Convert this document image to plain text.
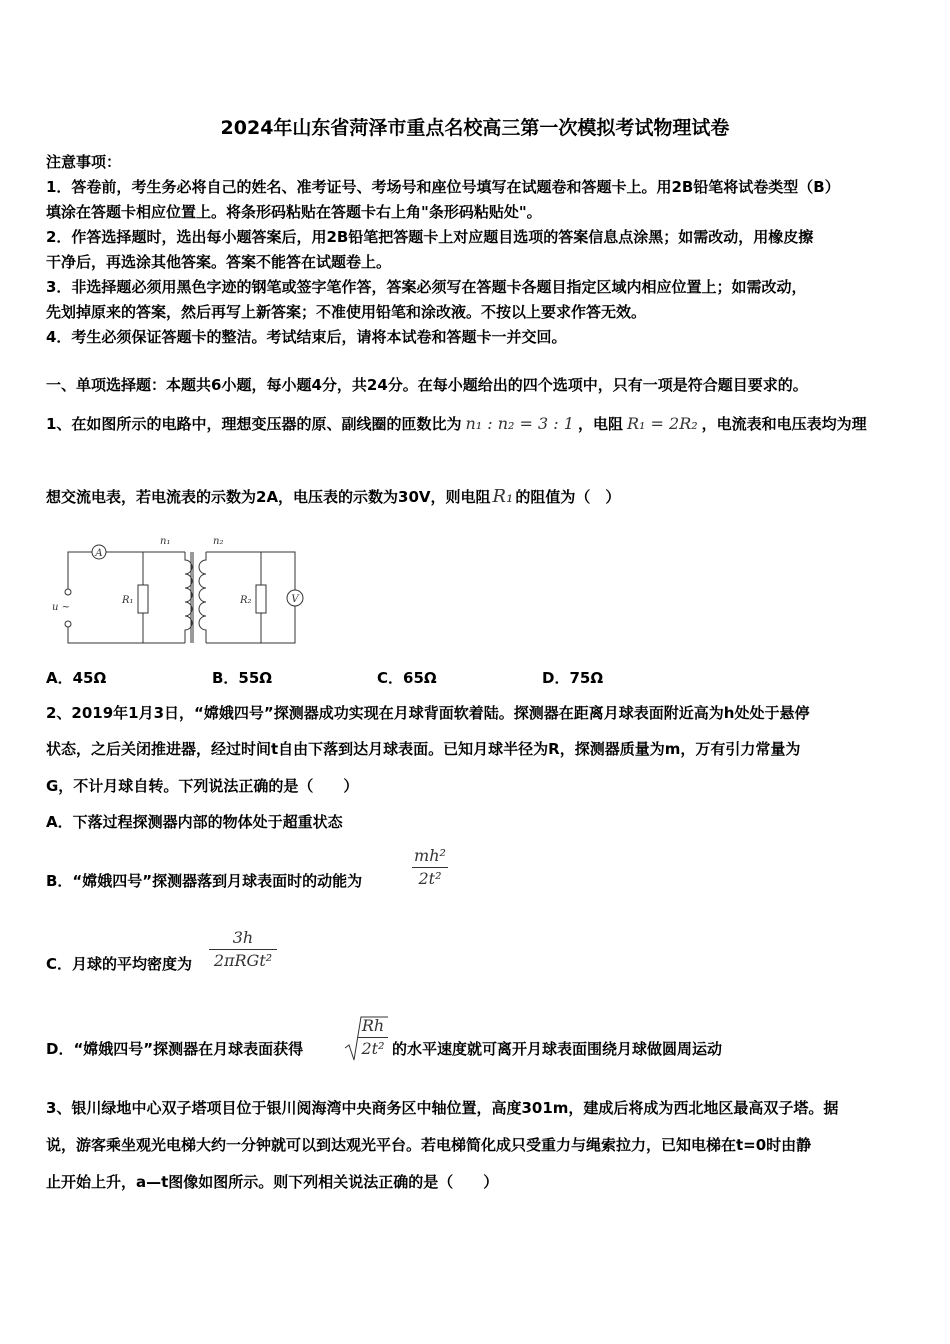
2024年山东省菏泽市重点名校高三第一次模拟考试物理试卷
注意事项：
1．答卷前，考生务必将自己的姓名、准考证号、考场号和座位号填写在试题卷和答题卡上。用2B铅笔将试卷类型（B）
填涂在答题卡相应位置上。将条形码粘贴在答题卡右上角"条形码粘贴处"。
2．作答选择题时，选出每小题答案后，用2B铅笔把答题卡上对应题目选项的答案信息点涂黑；如需改动，用橡皮擦
干净后，再选涂其他答案。答案不能答在试题卷上。
3．非选择题必须用黑色字迹的钢笔或签字笔作答，答案必须写在答题卡各题目指定区域内相应位置上；如需改动，
先划掉原来的答案，然后再写上新答案；不准使用铅笔和涂改液。不按以上要求作答无效。
4．考生必须保证答题卡的整洁。考试结束后，请将本试卷和答题卡一并交回。
一、单项选择题：本题共6小题，每小题4分，共24分。在每小题给出的四个选项中，只有一项是符合题目要求的。
1、在如图所示的电路中，理想变压器的原、副线圈的匝数比为 n₁ : n₂ = 3 : 1 ，电阻 R₁ = 2R₂ ，电流表和电压表均为理
想交流电表，若电流表的示数为2A，电压表的示数为30V，则电阻 R₁ 的阻值为（　）
A
V
n₁	n₂
R₁	R₂
u ~
A．45Ω	B．55Ω	C．65Ω	D．75Ω
2、2019年1月3日，“嫦娥四号”探测器成功实现在月球背面软着陆。探测器在距离月球表面附近高为h处处于悬停
状态，之后关闭推进器，经过时间t自由下落到达月球表面。已知月球半径为R，探测器质量为m，万有引力常量为
G，不计月球自转。下列说法正确的是（　　）
A．下落过程探测器内部的物体处于超重状态
B．“嫦娥四号”探测器落到月球表面时的动能为
mh²
2t²
C．月球的平均密度为
3h
2πRGt²
D．“嫦娥四号”探测器在月球表面获得
Rh
2t² 的水平速度就可离开月球表面围绕月球做圆周运动
3、银川绿地中心双子塔项目位于银川阅海湾中央商务区中轴位置，高度301m，建成后将成为西北地区最高双子塔。据
说，游客乘坐观光电梯大约一分钟就可以到达观光平台。若电梯简化成只受重力与绳索拉力，已知电梯在t=0时由静
止开始上升，a—t图像如图所示。则下列相关说法正确的是（　　）
